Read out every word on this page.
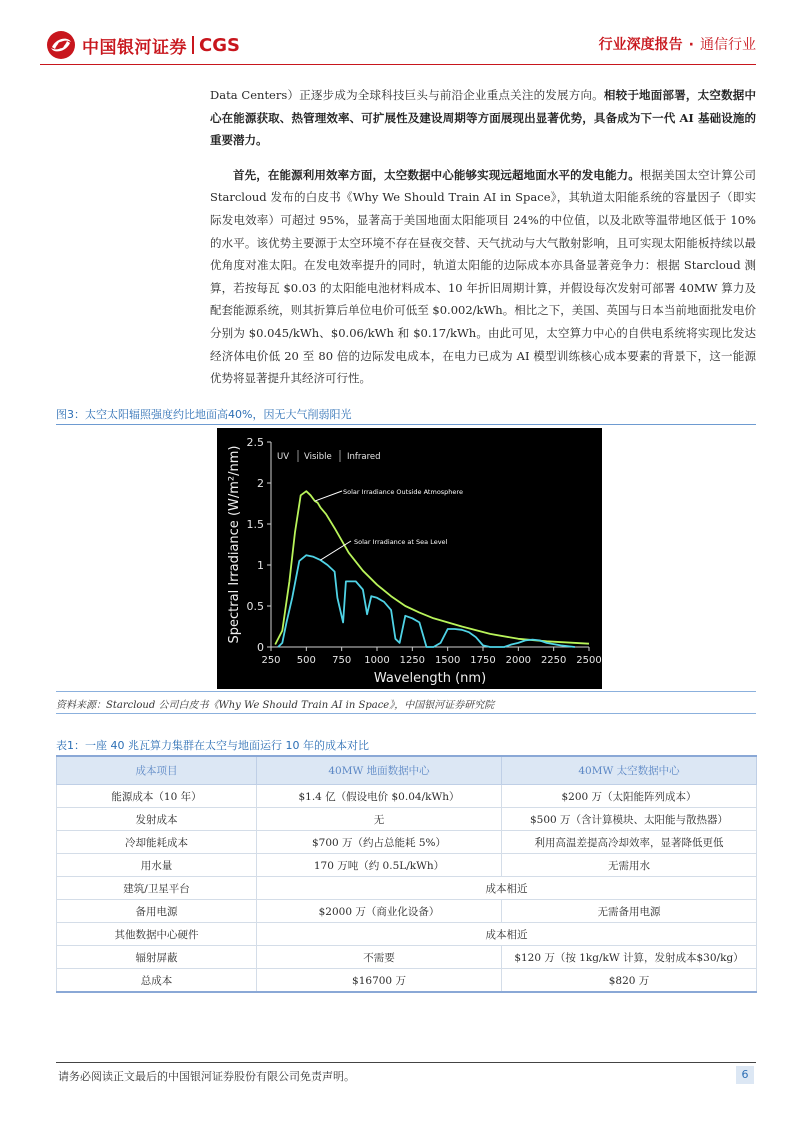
中国银河证券 CGS	行业深度报告 · 通信行业

Data Centers）正逐步成为全球科技巨头与前沿企业重点关注的发展方向。相较于地面部署，太空数据中心在能源获取、热管理效率、可扩展性及建设周期等方面展现出显著优势，具备成为下一代 AI 基础设施的重要潜力。

首先，在能源利用效率方面，太空数据中心能够实现远超地面水平的发电能力。根据美国太空计算公司 Starcloud 发布的白皮书《Why We Should Train AI in Space》，其轨道太阳能系统的容量因子（即实际发电效率）可超过 95%，显著高于美国地面太阳能项目 24%的中位值，以及北欧等温带地区低于 10%的水平。该优势主要源于太空环境不存在昼夜交替、天气扰动与大气散射影响，且可实现太阳能板持续以最优角度对准太阳。在发电效率提升的同时，轨道太阳能的边际成本亦具备显著竞争力：根据 Starcloud 测算，若按每瓦 $0.03 的太阳能电池材料成本、10 年折旧周期计算，并假设每次发射可部署 40MW 算力及配套能源系统，则其折算后单位电价可低至 $0.002/kWh。相比之下，美国、英国与日本当前地面批发电价分别为 $0.045/kWh、$0.06/kWh 和 $0.17/kWh。由此可见，太空算力中心的自供电系统将实现比发达经济体电价低 20 至 80 倍的边际发电成本，在电力已成为 AI 模型训练核心成本要素的背景下，这一能源优势将显著提升其经济可行性。

图3：太空太阳辐照强度约比地面高40%，因无大气削弱阳光
0
0.5
1
1.5
2
2.5
250 500 750 1000 1250 1500 1750 2000 2250 2500
Wavelength (nm)
Spectral Irradiance (W/m²/nm)	UV Visible Infrared
Solar Irradiance Outside Atmosphere
Solar Irradiance at Sea Level
资料来源：Starcloud 公司白皮书《Why We Should Train AI in Space》，中国银河证券研究院
表1：一座 40 兆瓦算力集群在太空与地面运行 10 年的成本对比
成本项目	40MW 地面数据中心	40MW 太空数据中心
能源成本（10 年）	$1.4 亿（假设电价 $0.04/kWh）	$200 万（太阳能阵列成本）
发射成本	无	$500 万（含计算模块、太阳能与散热器）
冷却能耗成本	$700 万（约占总能耗 5%）	利用高温差提高冷却效率，显著降低更低
用水量	170 万吨（约 0.5L/kWh）	无需用水
建筑/卫星平台	成本相近	
备用电源	$2000 万（商业化设备）	无需备用电源
其他数据中心硬件	成本相近	
辐射屏蔽	不需要	$120 万（按 1kg/kW 计算，发射成本$30/kg）
总成本	$16700 万	$820 万
请务必阅读正文最后的中国银河证券股份有限公司免责声明。	6
